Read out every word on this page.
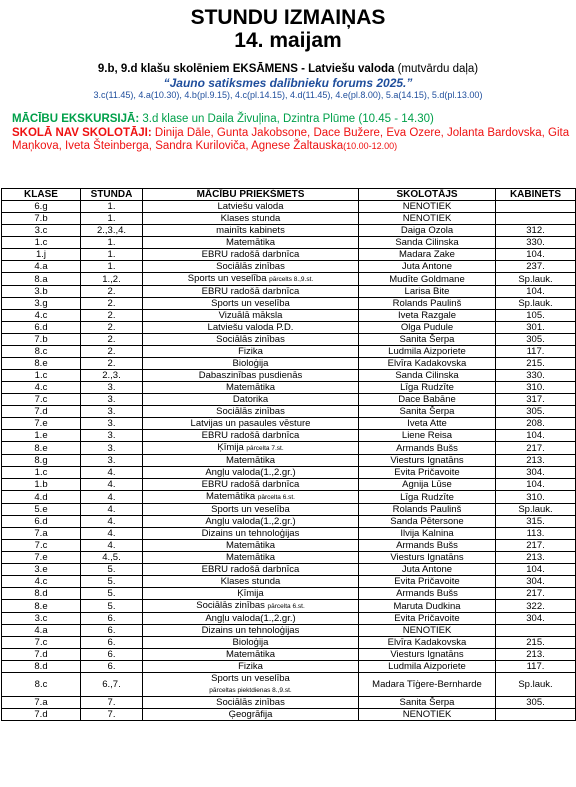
STUNDU IZMAIŅAS
14. maijam
9.b, 9.d klašu skolēniem EKSĀMENS - Latviešu valoda (mutvārdu daļa)
“Jauno satiksmes dalībnieku forums 2025.”
3.c(11.45), 4.a(10.30), 4.b(pl.9.15), 4.c(pl.14.15), 4.d(11.45), 4.e(pl.8.00), 5.a(14.15), 5.d(pl.13.00)
MĀCĪBU EKSKURSIJĀ: 3.d klase un Daila Živuļina, Dzintra Plūme (10.45 - 14.30)
SKOLĀ NAV SKOLOTĀJI: Dinija Dāle, Gunta Jakobsone, Dace Bužere, Eva Ozere, Jolanta Bardovska, Gita Maņkova, Iveta Šteinberga, Sandra Kuriloviča, Agnese Žaltauska(10.00-12.00)
KLASE	STUNDA	MĀCĪBU PRIEKŠMETS	SKOLOTĀJS	KABINETS
6.g	1.	Latviešu valoda	NENOTIEK	
7.b	1.	Klases stunda	NENOTIEK	
3.c	2.,3.,4.	mainīts kabinets	Daiga Ozola	312.
1.c	1.	Matemātika	Sanda Cilinska	330.
1.j	1.	EBRU radošā darbnīca	Madara Zake	104.
4.a	1.	Sociālās zinības	Juta Antone	237.
8.a	1.,2.	Sports un veselība pārcelts 8.,9.st.	Mudīte Goldmane	Sp.lauk.
3.b	2.	EBRU radošā darbnīca	Larisa Bite	104.
3.g	2.	Sports un veselība	Rolands Paulinš	Sp.lauk.
4.c	2.	Vizuālā māksla	Iveta Razgale	105.
6.d	2.	Latviešu valoda P.D.	Olga Pudule	301.
7.b	2.	Sociālās zinības	Sanita Šerpa	305.
8.c	2.	Fizika	Ludmila Aizporiete	117.
8.e	2.	Bioloģija	Elvīra Kadakovska	215.
1.c	2.,3.	Dabaszinības pusdienās	Sanda Cilinska	330.
4.c	3.	Matemātika	Līga Rudzīte	310.
7.c	3.	Datorika	Dace Babāne	317.
7.d	3.	Sociālās zinības	Sanita Šerpa	305.
7.e	3.	Latvijas un pasaules vēsture	Iveta Atte	208.
1.e	3.	EBRU radošā darbnīca	Liene Reisa	104.
8.e	3.	Ķīmija pārcelta 7.st.	Armands Bušs	217.
8.g	3.	Matemātika	Viesturs Ignatāns	213.
1.c	4.	Angļu valoda(1.,2.gr.)	Evita Pričavoite	304.
1.b	4.	EBRU radošā darbnīca	Agnija Lūse	104.
4.d	4.	Matemātika pārcelta 6.st.	Līga Rudzīte	310.
5.e	4.	Sports un veselība	Rolands Paulinš	Sp.lauk.
6.d	4.	Angļu valoda(1.,2.gr.)	Sanda Pētersone	315.
7.a	4.	Dizains un tehnoloģijas	Ilvija Kalnina	113.
7.c	4.	Matemātika	Armands Bušs	217.
7.e	4.,5.	Matemātika	Viesturs Ignatāns	213.
3.e	5.	EBRU radošā darbnīca	Juta Antone	104.
4.c	5.	Klases stunda	Evita Pričavoite	304.
8.d	5.	Ķīmija	Armands Bušs	217.
8.e	5.	Sociālās zinības pārcelta 6.st.	Maruta Dudkina	322.
3.c	6.	Angļu valoda(1.,2.gr.)	Evita Pričavoite	304.
4.a	6.	Dizains un tehnoloģijas	NENOTIEK	
7.c	6.	Bioloģija	Elvīra Kadakovska	215.
7.d	6.	Matemātika	Viesturs Ignatāns	213.
8.d	6.	Fizika	Ludmila Aizporiete	117.
8.c	6.,7.	Sports un veselība
pārceltas piektdienas 8.,9.st.	Madara Tīģere-Bernharde	Sp.lauk.
7.a	7.	Sociālās zinības	Sanita Šerpa	305.
7.d	7.	Ģeogrāfija	NENOTIEK	
